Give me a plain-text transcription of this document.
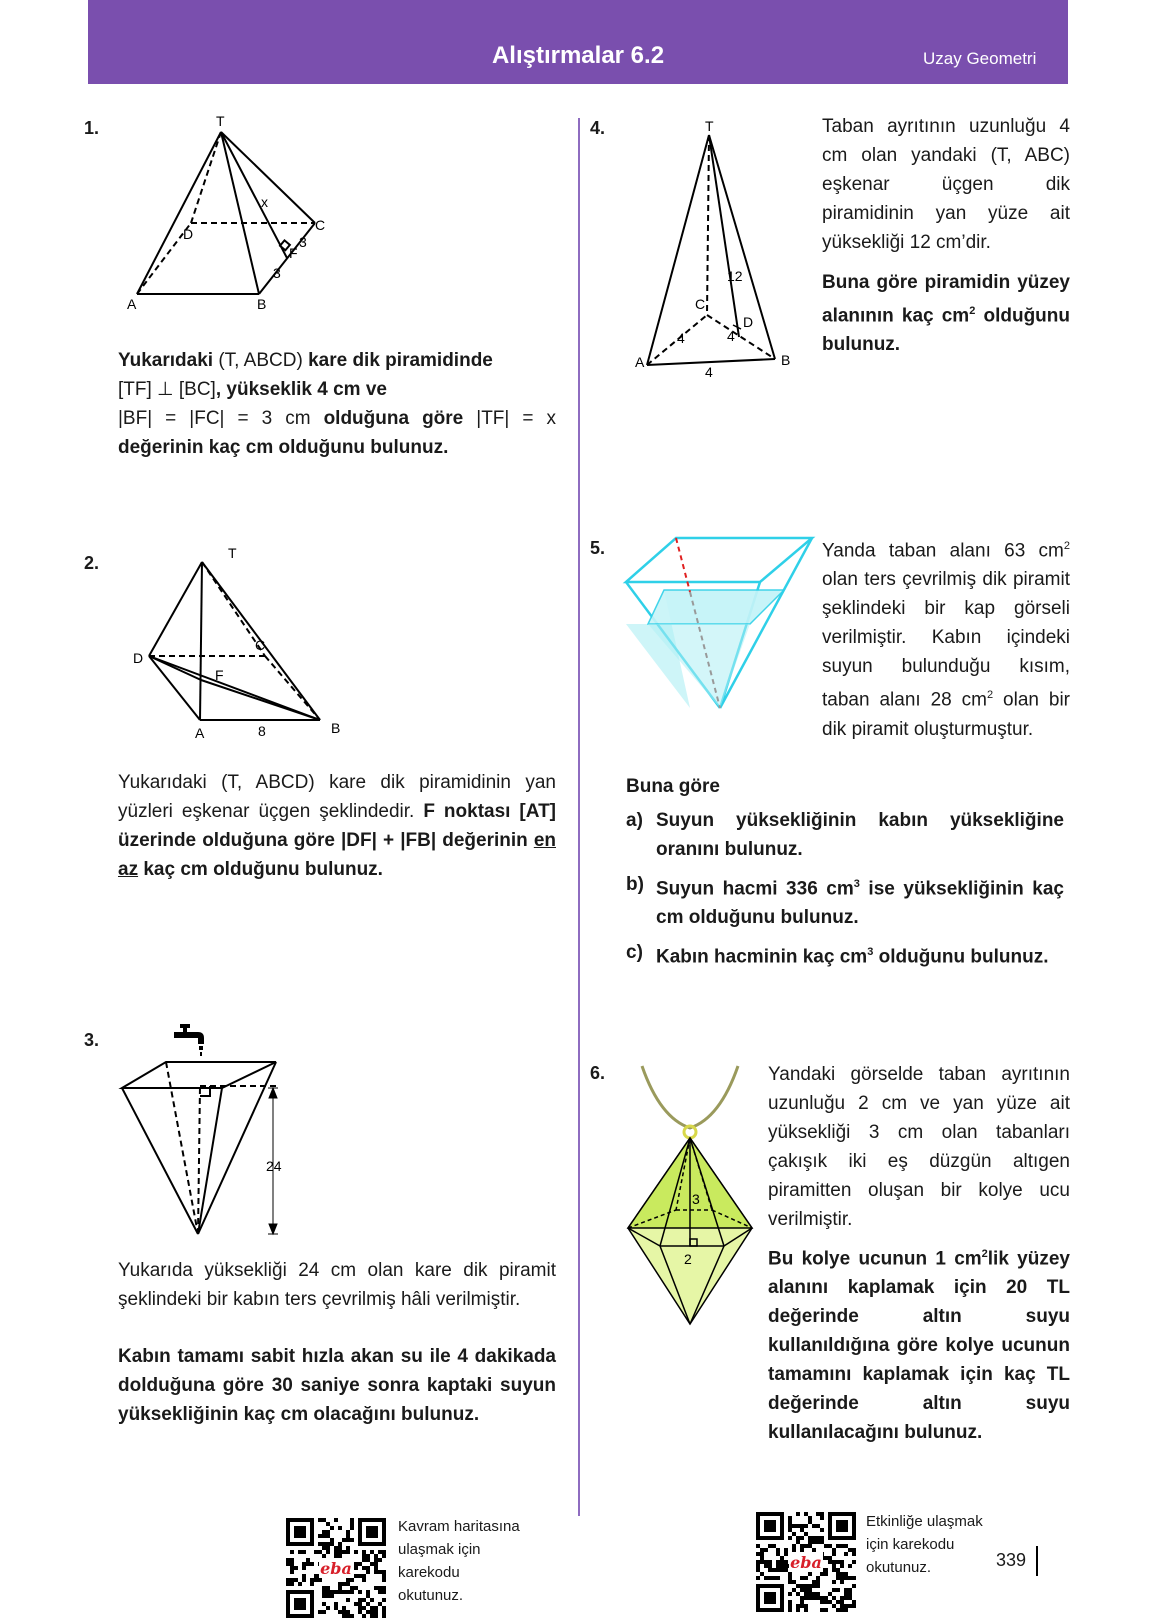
Alıştırmalar 6.2	Uzay Geometri
1.	T
A	B
C
D
F
x
3
3
Yukarıdaki (T, ABCD) kare dik piramidinde
[TF] ⊥ [BC], yükseklik 4 cm ve
|BF| = |FC| = 3 cm olduğuna göre |TF| = x değerinin kaç cm olduğunu bulunuz.
2.	T
D
C
F
A	8	B
Yukarıdaki (T, ABCD) kare dik piramidinin yan yüzleri eşkenar üçgen şeklindedir. F noktası [AT] üzerinde olduğuna göre |DF| + |FB| değerinin en az kaç cm olduğunu bulunuz.
3.
24
Yukarıda yüksekliği 24 cm olan kare dik piramit şeklindeki bir kabın ters çevrilmiş hâli verilmiştir.
Kabın tamamı sabit hızla akan su ile 4 dakikada dolduğuna göre 30 saniye sonra kaptaki suyun yüksekliğinin kaç cm olacağını bulunuz.
4.	T
12
C
D
4	4
A
4
B
Taban ayrıtının uzunluğu 4 cm olan yandaki (T, ABC) eşkenar üçgen dik piramidinin yan yüze ait yüksekliği 12 cm’dir.
Buna göre piramidin yüzey alanının kaç $cm^2$ olduğunu bulunuz.
5.	Yanda taban alanı 63 $cm^2$ olan ters çevrilmiş dik piramit şeklindeki bir kap görseli verilmiştir. Kabın içindeki suyun bulunduğu kısım, taban alanı 28 $cm^2$ olan bir dik piramit oluşturmuştur.
Buna göre
a) Suyun yüksekliğinin kabın yüksekliğine oranını bulunuz.
b) Suyun hacmi 336 $cm^3$ ise yüksekliğinin kaç cm olduğunu bulunuz.
c) Kabın hacminin kaç $cm^3$ olduğunu bulunuz.
6.
3
2
Yandaki görselde taban ayrıtının uzunluğu 2 cm ve yan yüze ait yüksekliği 3 cm olan tabanları çakışık iki eş düzgün altıgen piramitten oluşan bir kolye ucu verilmiştir.
Bu kolye ucunun 1 $cm^2lik$ yüzey alanını kaplamak için 20 TL değerinde altın suyu kullanıldığına göre kolye ucunun tamamını kaplamak için kaç TL değerinde altın suyu kullanılacağını bulunuz.
eba
Kavram haritasına
ulaşmak için
karekodu
okutunuz.
eba
Etkinliğe ulaşmak
için karekodu
okutunuz.	339
